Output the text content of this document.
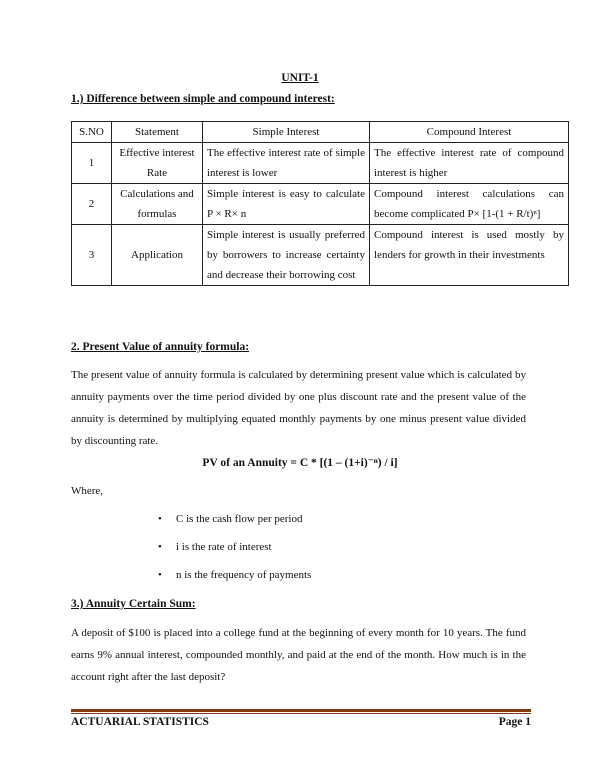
UNIT-1
1.) Difference between simple and compound interest:
S.NO	Statement	Simple Interest	Compound Interest
1	Effective interest Rate	The effective interest rate of simple interest is lower	The effective interest rate of compound interest is higher
2	Calculations and formulas	Simple interest is easy to calculate P × R× n	Compound interest calculations can become complicated P× [1-(1 + R/t)ⁿ]
3	Application	Simple interest is usually preferred by borrowers to increase certainty and decrease their borrowing cost	Compound interest is used mostly by lenders for growth in their investments
2. Present Value of annuity formula:
The present value of annuity formula is calculated by determining present value which is calculated by annuity payments over the time period divided by one plus discount rate and the present value of the annuity is determined by multiplying equated monthly payments by one minus present value divided by discounting rate.
PV of an Annuity = C * [(1 – (1+i)⁻ⁿ) / i]
Where,
•	C is the cash flow per period
•	i is the rate of interest
•	n is the frequency of payments
3.) Annuity Certain Sum:
A deposit of $100 is placed into a college fund at the beginning of every month for 10 years. The fund earns 9% annual interest, compounded monthly, and paid at the end of the month. How much is in the account right after the last deposit?
ACTUARIAL STATISTICS	Page 1
